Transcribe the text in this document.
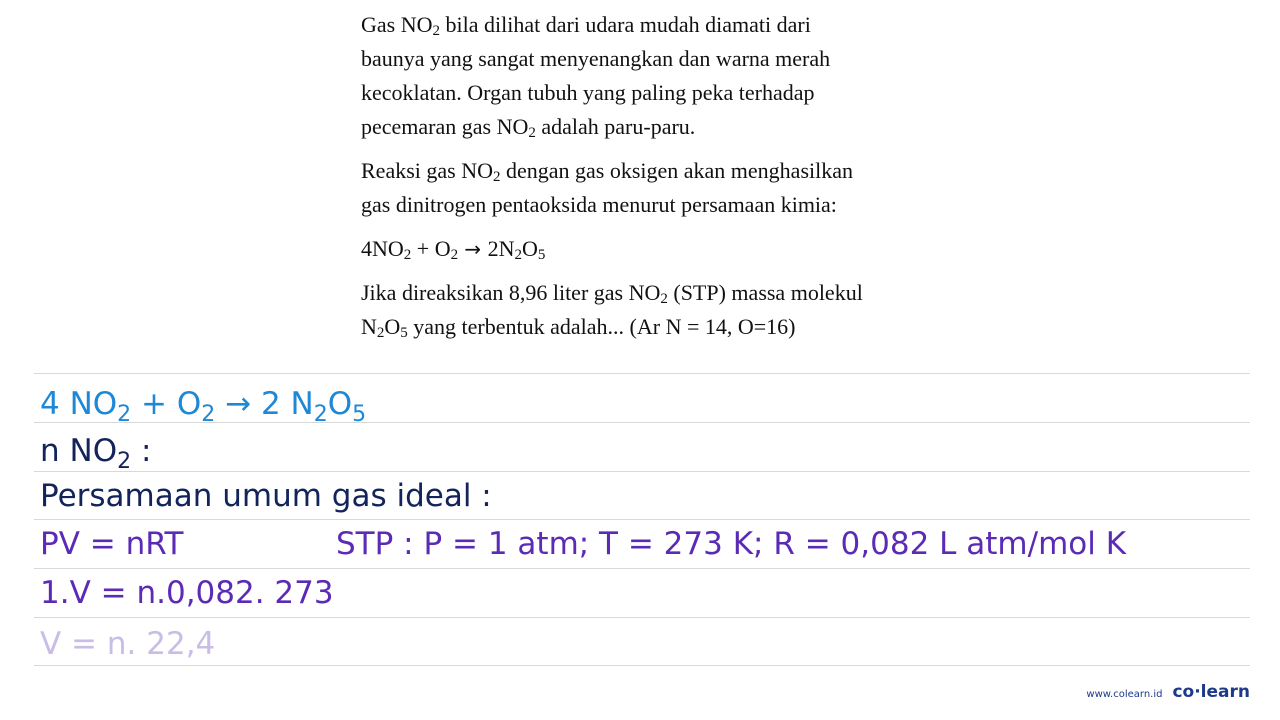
Gas $NO_2$ bila dilihat dari udara mudah diamati dari
baunya yang sangat menyenangkan dan warna merah
kecoklatan. Organ tubuh yang paling peka terhadap
pecemaran gas $NO_2$ adalah paru-paru.

Reaksi gas $NO_2$ dengan gas oksigen akan menghasilkan
gas dinitrogen pentaoksida menurut persamaan kimia:

$4NO_2 + O_2 \to 2N_2O_5$

Jika direaksikan 8,96 liter gas $NO_2$ (STP) massa molekul
$N_2O_5$ yang terbentuk adalah... (Ar N = 14, O=16)

4 $NO_2 + O_2 \to 2$ $N_2O_5$
n $NO_2$ :
Persamaan umum gas ideal :
PV = nRT	STP : P = 1 atm; T = 273 K; R = 0,082 L atm/mol K
1.V = n.0,082. 273
V = n. 22,4
www.colearn.id co·learn
